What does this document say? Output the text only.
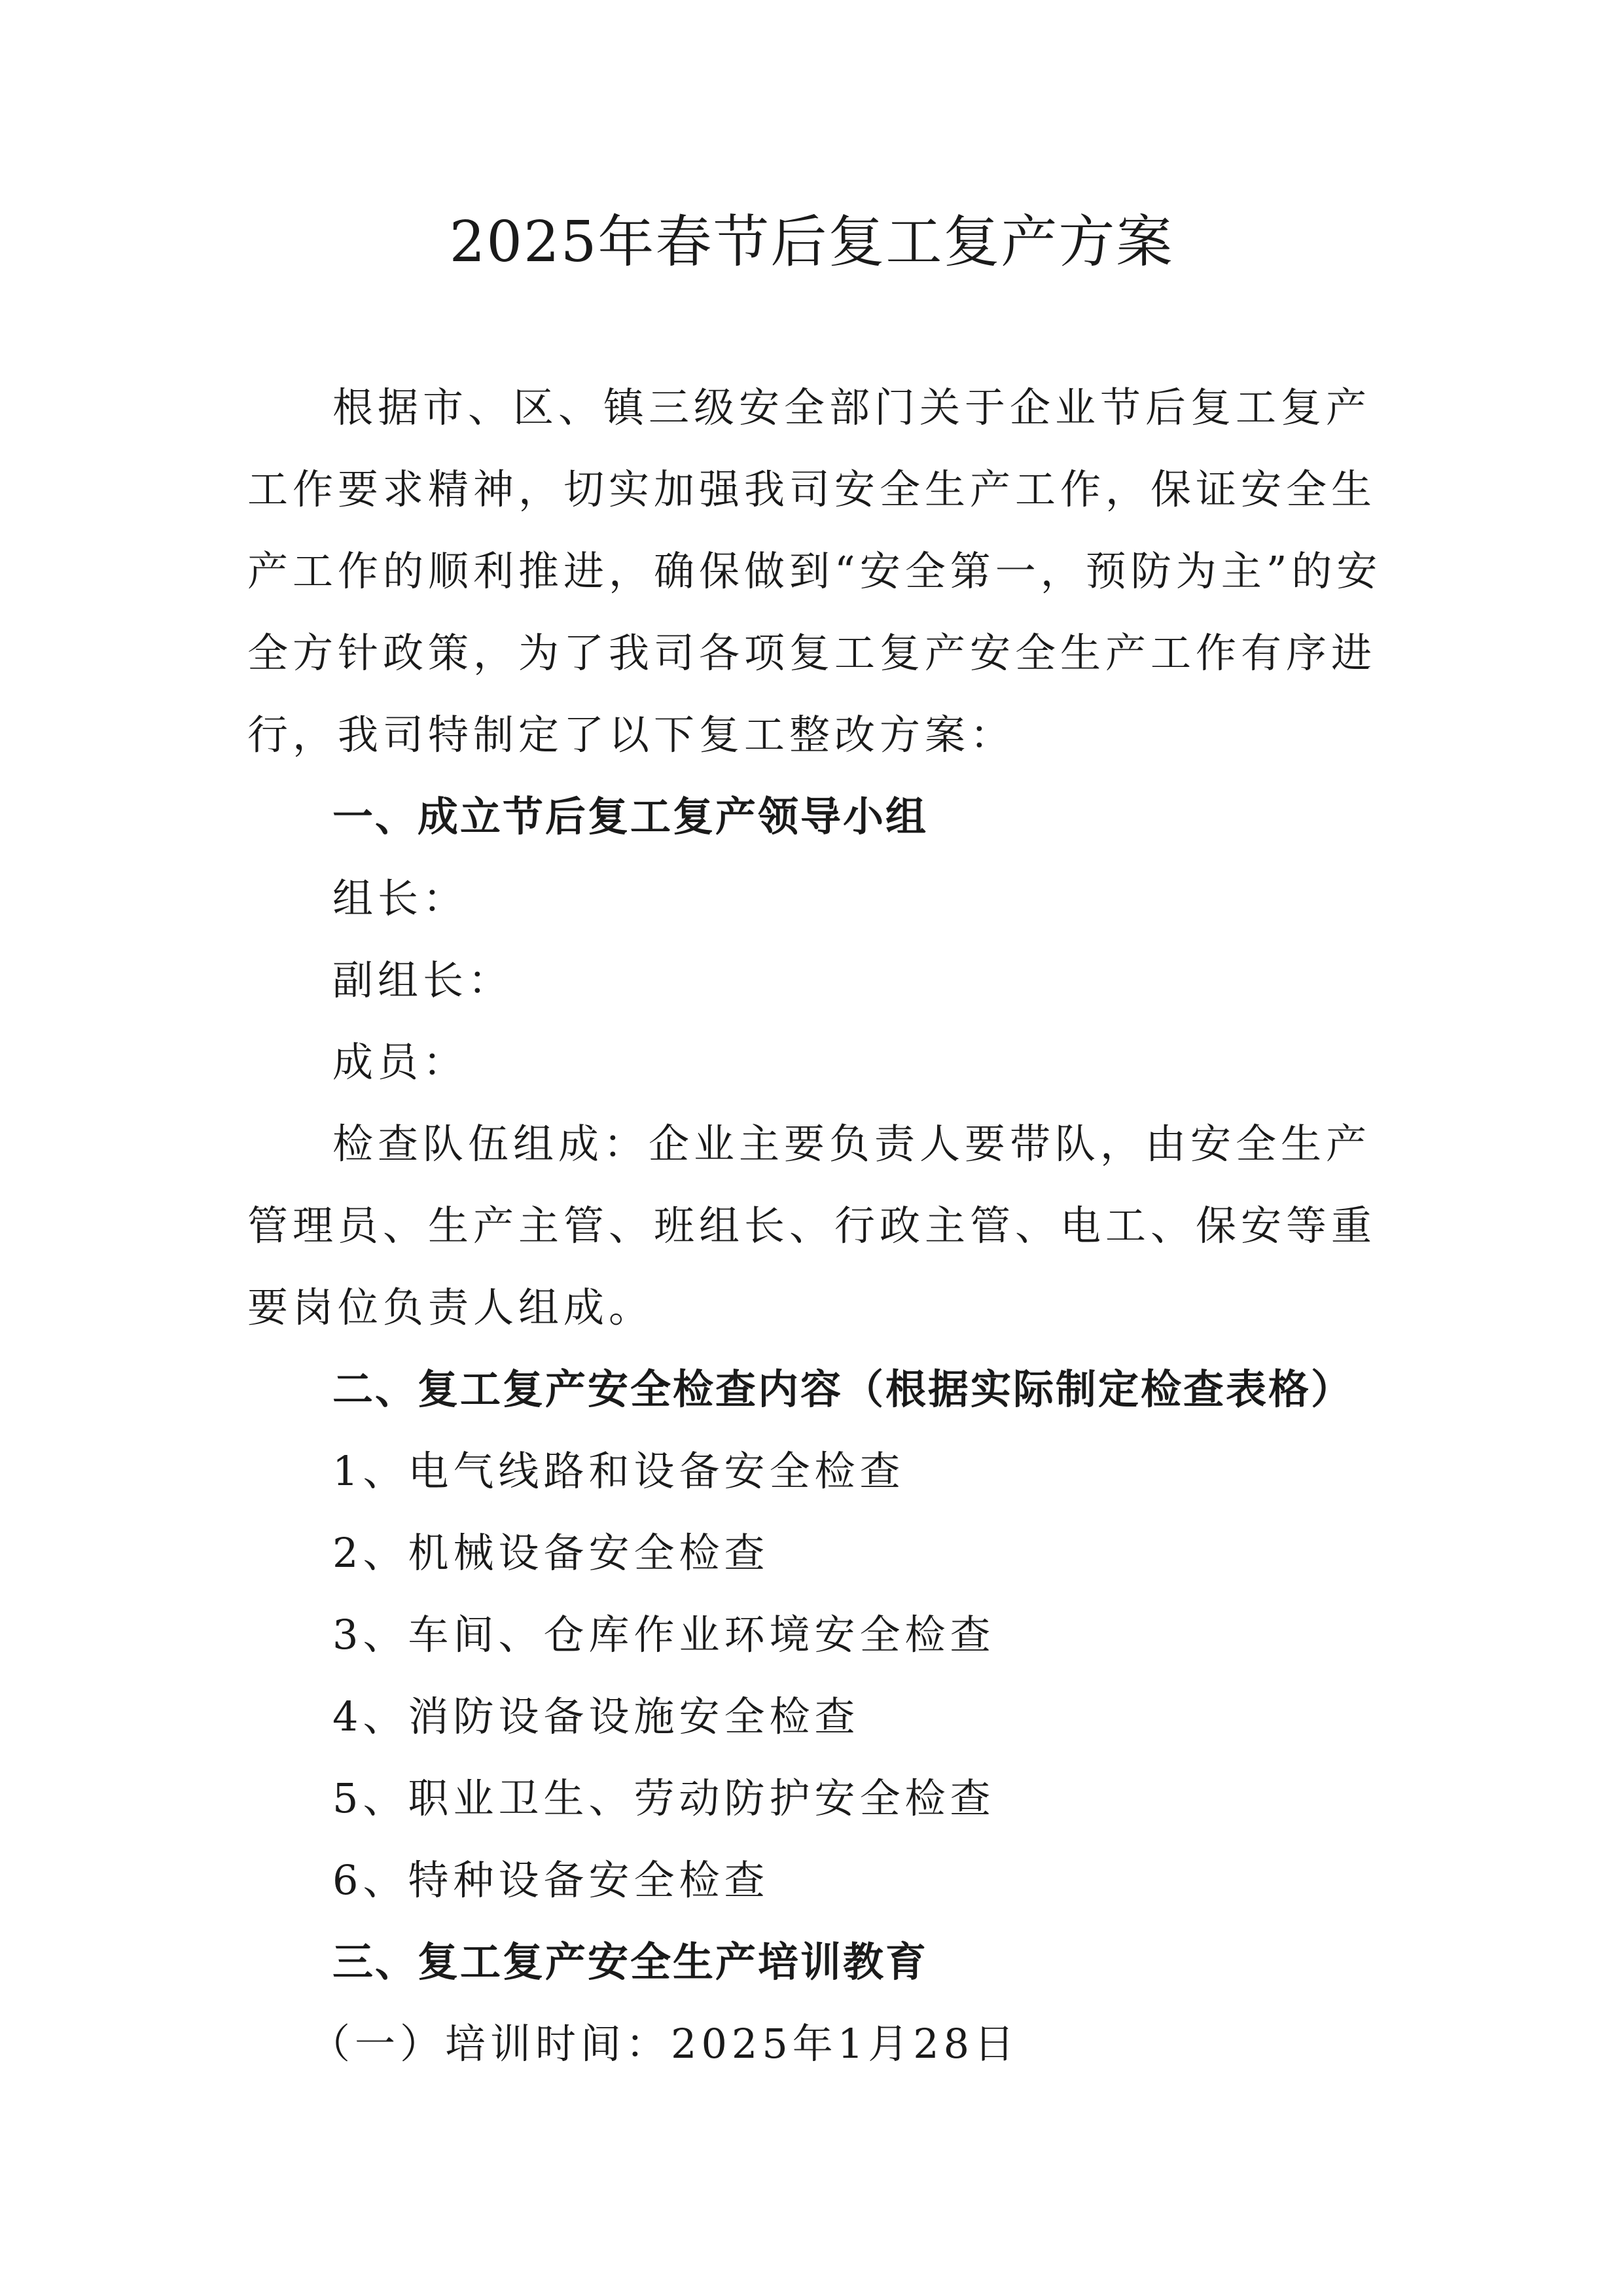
2025年春节后复工复产方案

根据市、区、镇三级安全部门关于企业节后复工复产工作要求精神，切实加强我司安全生产工作，保证安全生产工作的顺利推进，确保做到“安全第一，预防为主”的安全方针政策，为了我司各项复工复产安全生产工作有序进行，我司特制定了以下复工整改方案：

一、成立节后复工复产领导小组

组长：

副组长：

成员：

检查队伍组成：企业主要负责人要带队，由安全生产管理员、生产主管、班组长、行政主管、电工、保安等重要岗位负责人组成。

二、复工复产安全检查内容（根据实际制定检查表格）

1、电气线路和设备安全检查

2、机械设备安全检查

3、车间、仓库作业环境安全检查

4、消防设备设施安全检查

5、职业卫生、劳动防护安全检查

6、特种设备安全检查

三、复工复产安全生产培训教育

（一）培训时间：2025年1月28日
